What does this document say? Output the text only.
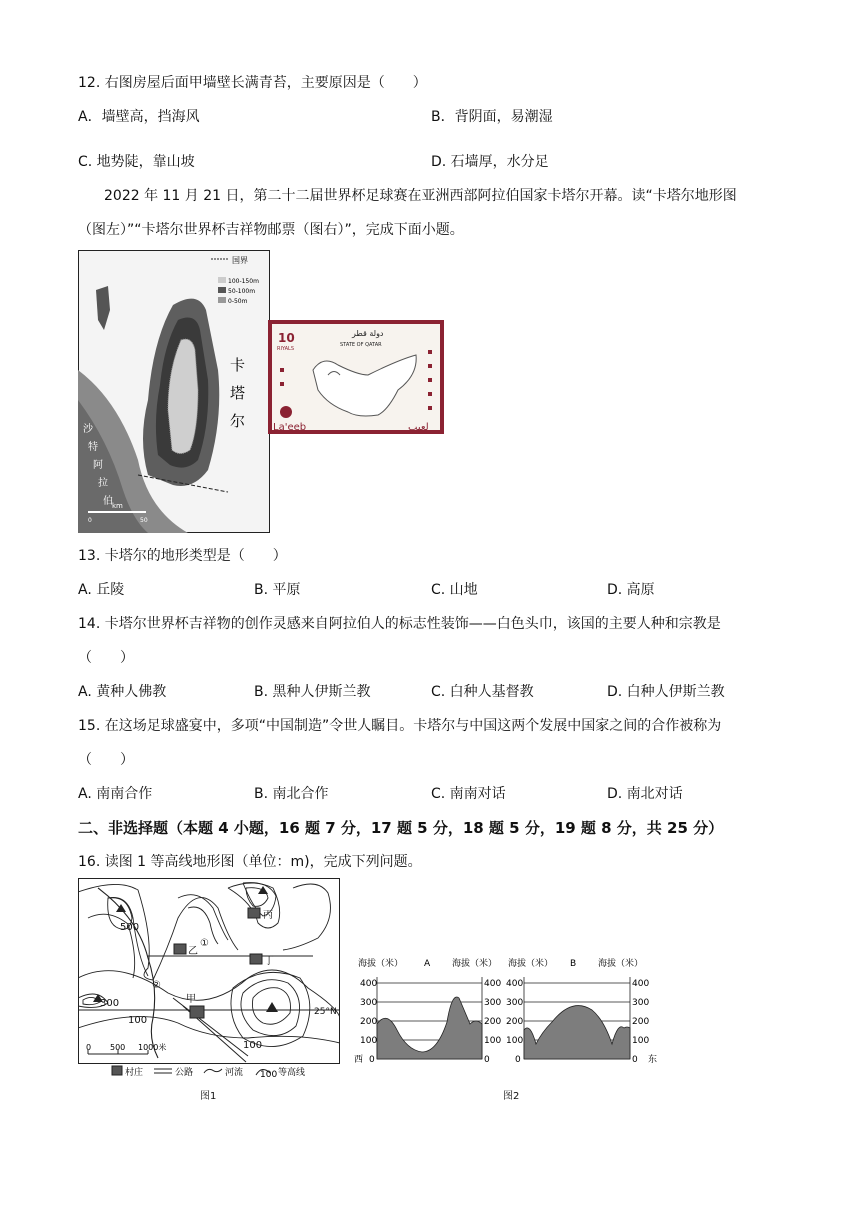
12. 右图房屋后面甲墙壁长满青苔，主要原因是（　　）
A．墙壁高，挡海风	B．背阴面，易潮湿
C. 地势陡，靠山坡	D. 石墙厚，水分足
2022 年 11 月 21 日，第二十二届世界杯足球赛在亚洲西部阿拉伯国家卡塔尔开幕。读“卡塔尔地形图
（图左）”“卡塔尔世界杯吉祥物邮票（图右）”，完成下面小题。
国界
100-150m
50-100m
0-50m
卡
塔
尔
沙
特
阿
拉
伯
0	50
km
10
RIYALS
دولة قطر
STATE OF QATAR
La'eeb	لعيب
13. 卡塔尔的地形类型是（　　）
A. 丘陵	B. 平原	C. 山地	D. 高原
14. 卡塔尔世界杯吉祥物的创作灵感来自阿拉伯人的标志性装饰——白色头巾，该国的主要人种和宗教是
（　　）
A. 黄种人佛教	B. 黑种人伊斯兰教	C. 白种人基督教	D. 白种人伊斯兰教
15. 在这场足球盛宴中，多项“中国制造”令世人瞩目。卡塔尔与中国这两个发展中国家之间的合作被称为
（　　）
A. 南南合作	B. 南北合作	C. 南南对话	D. 南北对话
二、非选择题（本题 4 小题，16 题 7 分，17 题 5 分，18 题 5 分，19 题 8 分，共 25 分）
16. 读图 1 等高线地形图（单位：m)，完成下列问题。
500
300
100
100
丙
乙
丁
甲
①
②
25°N
0 500 1000米
村庄	公路	河流 100 等高线
图1
海拔（米） A 海拔（米） 海拔（米） B 海拔（米）
400
300
200
100
0
400
300
200
100
0
400
300
200
100
0
400
300
200
100
0
西	东
图2
